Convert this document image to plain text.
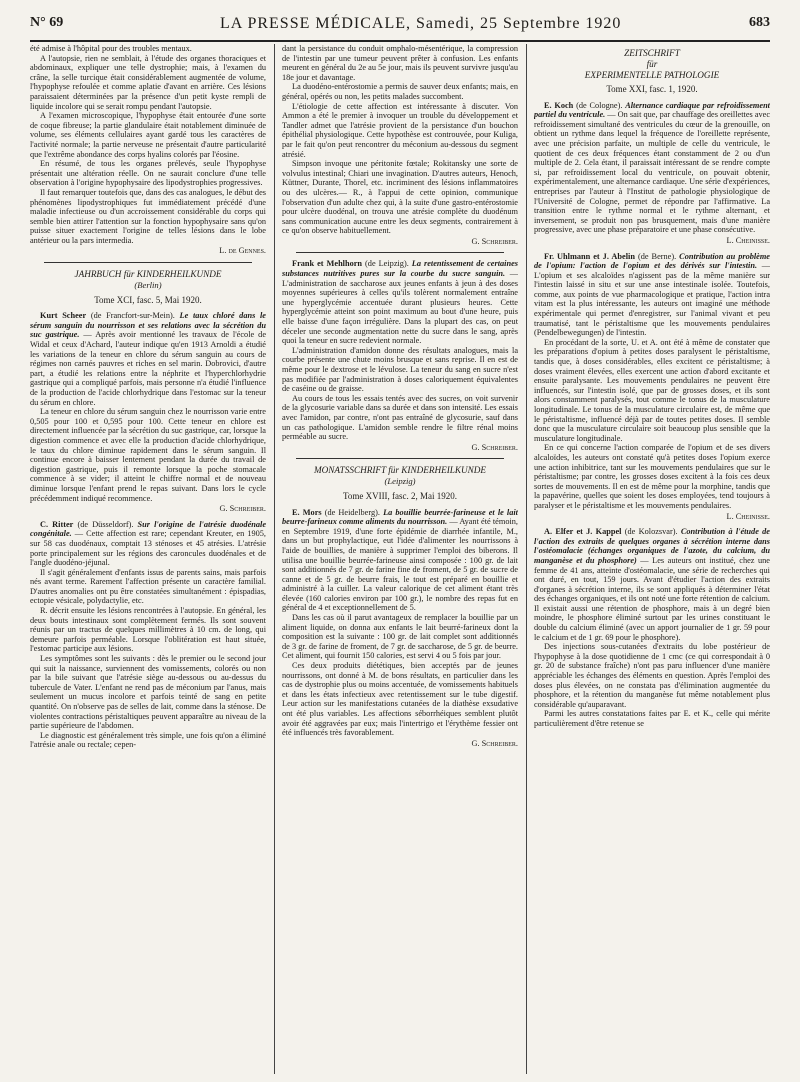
N° 69	LA PRESSE MÉDICALE, Samedi, 25 Septembre 1920	683

été admise à l'hôpital pour des troubles mentaux.

A l'autopsie, rien ne semblait, à l'étude des organes thoraciques et abdominaux, expliquer une telle dystrophie; mais, à l'examen du crâne, la selle turcique était considérablement augmentée de volume, l'hypophyse refoulée et comme aplatie d'avant en arrière. Ces lésions paraissaient déterminées par la présence d'un petit kyste rempli de liquide incolore qui se serait rompu pendant l'autopsie.

A l'examen microscopique, l'hypophyse était entourée d'une sorte de coque fibreuse; la partie glandulaire était notablement diminuée de volume, ses éléments cellulaires ayant gardé tous les caractères de l'activité normale; la partie nerveuse ne présentait d'autre particularité que l'extrême abondance des corps hyalins colorés par l'éosine.

En résumé, de tous les organes prélevés, seule l'hypophyse présentait une altération réelle. On ne saurait conclure d'une telle observation à l'origine hypophysaire des lipodystrophies progressives.

Il faut remarquer toutefois que, dans des cas analogues, le début des phénomènes lipodystrophiques fut immédiatement précédé d'une maladie infectieuse ou d'un accroissement considérable du corps qui semble bien attirer l'attention sur la fonction hypophysaire sans qu'on puisse situer exactement l'origine de telles lésions dans le lobe antérieur ou la pars intermedia.

L. de Gennes.
JAHRBUCH für KINDERHEILKUNDE
(Berlin)
Tome XCI, fasc. 5, Mai 1920.

Kurt Scheer (de Francfort-sur-Mein). Le taux chloré dans le sérum sanguin du nourrisson et ses relations avec la sécrétion du suc gastrique. — Après avoir mentionné les travaux de l'école de Widal et ceux d'Achard, l'auteur indique qu'en 1913 Arnoldi a étudié les variations de la teneur en chlore du sérum sanguin au cours de régimes non carnés pauvres et riches en sel marin. Dobrovici, d'autre part, a étudié les relations entre la néphrite et l'hyperchlorhydrie gastrique qui a compliqué parfois, mais personne n'a étudié l'influence de la production de l'acide chlorhydrique dans l'estomac sur la teneur du sérum en chlore.

La teneur en chlore du sérum sanguin chez le nourrisson varie entre 0,505 pour 100 et 0,595 pour 100. Cette teneur en chlore est directement influencée par la sécrétion du suc gastrique, car, lorsque la digestion commence et avec elle la production d'acide chlorhydrique, le taux du chlore diminue rapidement dans le sérum sanguin. Il continue encore à baisser lentement pendant la durée du travail de digestion gastrique, puis il remonte lorsque la poche stomacale commence à se vider; il atteint le chiffre normal et de nouveau diminue lorsque l'enfant prend le repas suivant. Dans lors le cycle précédemment indiqué recommence.

G. Schreiber.

C. Ritter (de Düsseldorf). Sur l'origine de l'atrésie duodénale congénitale. — Cette affection est rare; cependant Kreuter, en 1905, sur 58 cas duodénaux, comptait 13 sténoses et 45 atrésies. L'atrésie porte principalement sur les régions des caroncules duodénales et de l'angle duodéno-jéjunal.

Il s'agit généralement d'enfants issus de parents sains, mais parfois nés avant terme. Rarement l'affection présente un caractère familial. D'autres anomalies ont pu être constatées simultanément : épispadias, ectopie vésicale, polydactylie, etc.

R. décrit ensuite les lésions rencontrées à l'autopsie. En général, les deux bouts intestinaux sont complètement fermés. Ils sont souvent réunis par un tractus de quelques millimètres à 10 cm. de long, qui demeure parfois perméable. Lorsque l'oblitération est haut située, l'estomac participe aux lésions.

Les symptômes sont les suivants : dès le premier ou le second jour qui suit la naissance, surviennent des vomissements, colorés ou non par la bile suivant que l'atrésie siège au-dessous ou au-dessus du tubercule de Vater. L'enfant ne rend pas de méconium par l'anus, mais seulement un mucus incolore et parfois teinté de sang en petite quantité. On n'observe pas de selles de lait, comme dans la sténose. De violentes contractions péristaltiques peuvent apparaître au niveau de la partie supérieure de l'abdomen.

Le diagnostic est généralement très simple, une fois qu'on a éliminé l'atrésie anale ou rectale; cepen-

dant la persistance du conduit omphalo-mésentérique, la compression de l'intestin par une tumeur peuvent prêter à confusion. Les enfants meurent en général du 2e au 5e jour, mais ils peuvent survivre jusqu'au 18e jour et davantage.

La duodéno-entérostomie a permis de sauver deux enfants; mais, en général, opérés ou non, les petits malades succombent.

L'étiologie de cette affection est intéressante à discuter. Von Ammon a été le premier à invoquer un trouble du développement et Tandler admet que l'atrésie provient de la persistance d'un bouchon épithélial physiologique. Cette hypothèse est controuvée, pour Kuliga, par le fait qu'on peut rencontrer du méconium au-dessous du segment atrésié.

Simpson invoque une péritonite fœtale; Rokitansky une sorte de volvulus intestinal; Chiari une invagination. D'autres auteurs, Henoch, Küttner, Durante, Thorel, etc. incriminent des lésions inflammatoires ou des ulcères.— R., à l'appui de cette opinion, communique l'observation d'un adulte chez qui, à la suite d'une gastro-entérostomie pour ulcère duodénal, on trouva une atrésie complète du duodénum sans communication aucune entre les deux segments, contrairement à ce qu'on observe habituellement.

G. Schreiber.

Frank et Mehlhorn (de Leipzig). La retentissement de certaines substances nutritives pures sur la courbe du sucre sanguin. — L'administration de saccharose aux jeunes enfants à jeun à des doses moyennes supérieures à celles qu'ils tolèrent normalement entraîne une hyperglycémie accentuée durant plusieurs heures. Cette hyperglycémie atteint son point maximum au bout d'une heure, puis elle baisse d'une façon irrégulière. Dans la plupart des cas, on peut déceler une seconde augmentation nette du sucre dans le sang, après quoi la teneur en sucre redevient normale.

L'administration d'amidon donne des résultats analogues, mais la courbe présente une chute moins brusque et sans reprise. Il en est de même pour le dextrose et le lévulose. La teneur du sang en sucre n'est pas modifiée par l'administration à doses caloriquement équivalentes de caséine ou de graisse.

Au cours de tous les essais tentés avec des sucres, on voit survenir de la glycosurie variable dans sa durée et dans son intensité. Les essais avec l'amidon, par contre, n'ont pas entraîné de glycosurie, sauf dans un cas pathologique. L'amidon semble rendre le filtre rénal moins perméable au sucre.

G. Schreiber.
MONATSSCHRIFT für KINDERHEILKUNDE
(Leipzig)
Tome XVIII, fasc. 2, Mai 1920.

E. Mors (de Heidelberg). La bouillie beurrée-farineuse et le lait beurre-farineux comme aliments du nourrisson. — Ayant été témoin, en Septembre 1919, d'une forte épidémie de diarrhée infantile, M., dans un but prophylactique, eut l'idée d'alimenter les nourrissons à l'aide de bouillies, de manière à supprimer l'emploi des biberons. Il utilisa une bouillie beurrée-farineuse ainsi composée : 100 gr. de lait sont additionnés de 7 gr. de farine fine de froment, de 5 gr. de sucre de canne et de 5 gr. de beurre frais, le tout est préparé en bouillie et administré à la cuiller. La valeur calorique de cet aliment étant très élevée (160 calories environ par 100 gr.), le nombre des repas fut en général de 4 et exceptionnellement de 5.

Dans les cas où il parut avantageux de remplacer la bouillie par un aliment liquide, on donna aux enfants le lait beurré-farineux dont la composition est la suivante : 100 gr. de lait complet sont additionnés de 3 gr. de farine de froment, de 7 gr. de saccharose, de 5 gr. de beurre. Cet aliment, qui fournit 150 calories, est servi 4 ou 5 fois par jour.

Ces deux produits diététiques, bien acceptés par de jeunes nourrissons, ont donné à M. de bons résultats, en particulier dans les cas de dystrophie plus ou moins accentuée, de vomissements habituels et dans les états infectieux avec retentissement sur le tube digestif. Leur action sur les manifestations cutanées de la diathèse exsudative ont été plus variables. Les affections séborrhéiques semblent plutôt avoir été aggravées par eux; mais l'intertrigo et l'érythème fessier ont été influencés très favorablement.

G. Schreiber.
ZEITSCHRIFT
für
EXPERIMENTELLE PATHOLOGIE
Tome XXI, fasc. 1, 1920.

E. Koch (de Cologne). Alternance cardiaque par refroidissement partiel du ventricule. — On sait que, par chauffage des oreillettes avec refroidissement simultané des ventricules du cœur de la grenouille, on obtient un rythme dans lequel la fréquence de l'oreillette représente, avec une précision parfaite, un multiple de celle du ventricule, le quotient de ces deux fréquences étant constamment de 2 ou d'un multiple de 2. Cela étant, il paraissait intéressant de se rendre compte si, par refroidissement local du ventricule, on pouvait obtenir, expérimentalement, une alternance cardiaque. Une série d'expériences, entreprises par l'auteur à l'Institut de pathologie physiologique de l'Université de Cologne, permet de répondre par l'affirmative. La transition entre le rythme normal et le rythme alternant, et inversement, se produit non pas brusquement, mais d'une manière progressive, avec une phase préparatoire et une phase consécutive.

L. Cheinisse.

Fr. Uhlmann et J. Abelin (de Berne). Contribution au problème de l'opium: l'action de l'opium et des dérivés sur l'intestin. — L'opium et ses alcaloïdes n'agissent pas de la même manière sur l'intestin laissé in situ et sur une anse intestinale isolée. Toutefois, comme, aux points de vue pharmacologique et pratique, l'action intra vitam est la plus intéressante, les auteurs ont imaginé une méthode expérimentale qui permet d'enregistrer, sur l'animal vivant et peu traumatisé, tant le péristaltisme que les mouvements pendulaires (Pendelbewegungen) de l'intestin.

En procédant de la sorte, U. et A. ont été à même de constater que les préparations d'opium à petites doses paralysent le péristaltisme, tandis que, à doses considérables, elles excitent ce péristaltisme; à doses vraiment élevées, elles exercent une action d'abord excitante et ensuite paralysante. Les mouvements pendulaires ne peuvent être influencés, sur l'intestin isolé, que par de grosses doses, et ils sont alors constamment paralysés, tout comme le tonus de la musculature longitudinale. Le tonus de la musculature circulaire est, de même que le péristaltisme, influencé déjà par de toutes petites doses. Il semble donc que la musculature circulaire soit beaucoup plus sensible que la musculature longitudinale.

En ce qui concerne l'action comparée de l'opium et de ses divers alcaloïdes, les auteurs ont constaté qu'à petites doses l'opium exerce une action inhibitrice, tant sur les mouvements pendulaires que sur le péristaltisme; par contre, les grosses doses excitent à la fois ces deux sortes de mouvements. Il en est de même pour la morphine, tandis que la papavérine, quelles que soient les doses employées, tend toujours à paralyser et le péristaltisme et les mouvements pendulaires.

L. Cheinisse.

A. Elfer et J. Kappel (de Kolozsvar). Contribution à l'étude de l'action des extraits de quelques organes à sécrétion interne dans l'ostéomalacie (échanges organiques de l'azote, du calcium, du manganèse et du phosphore) — Les auteurs ont institué, chez une femme de 41 ans, atteinte d'ostéomalacie, une série de recherches qui ont duré, en tout, 159 jours. Avant d'étudier l'action des extraits d'organes à sécrétion interne, ils se sont appliqués à déterminer l'état des échanges organiques, et ils ont noté une forte rétention de calcium. Il existait aussi une rétention de phosphore, mais à un degré bien moindre, le phosphore éliminé surtout par les urines constituant le double du calcium éliminé (avec un apport journalier de 1 gr. 59 pour le calcium et de 1 gr. 69 pour le phosphore).

Des injections sous-cutanées d'extraits du lobe postérieur de l'hypophyse à la dose quotidienne de 1 cmc (ce qui correspondait à 0 gr. 20 de substance fraîche) n'ont pas paru influencer d'une manière appréciable les échanges des éléments en question. Après l'emploi des doses plus élevées, on ne constata pas d'élimination augmentée du phosphore, et la rétention du manganèse fut même notablement plus considérable qu'auparavant.

Parmi les autres constatations faites par E. et K., celle qui mérite particulièrement d'être retenue se
